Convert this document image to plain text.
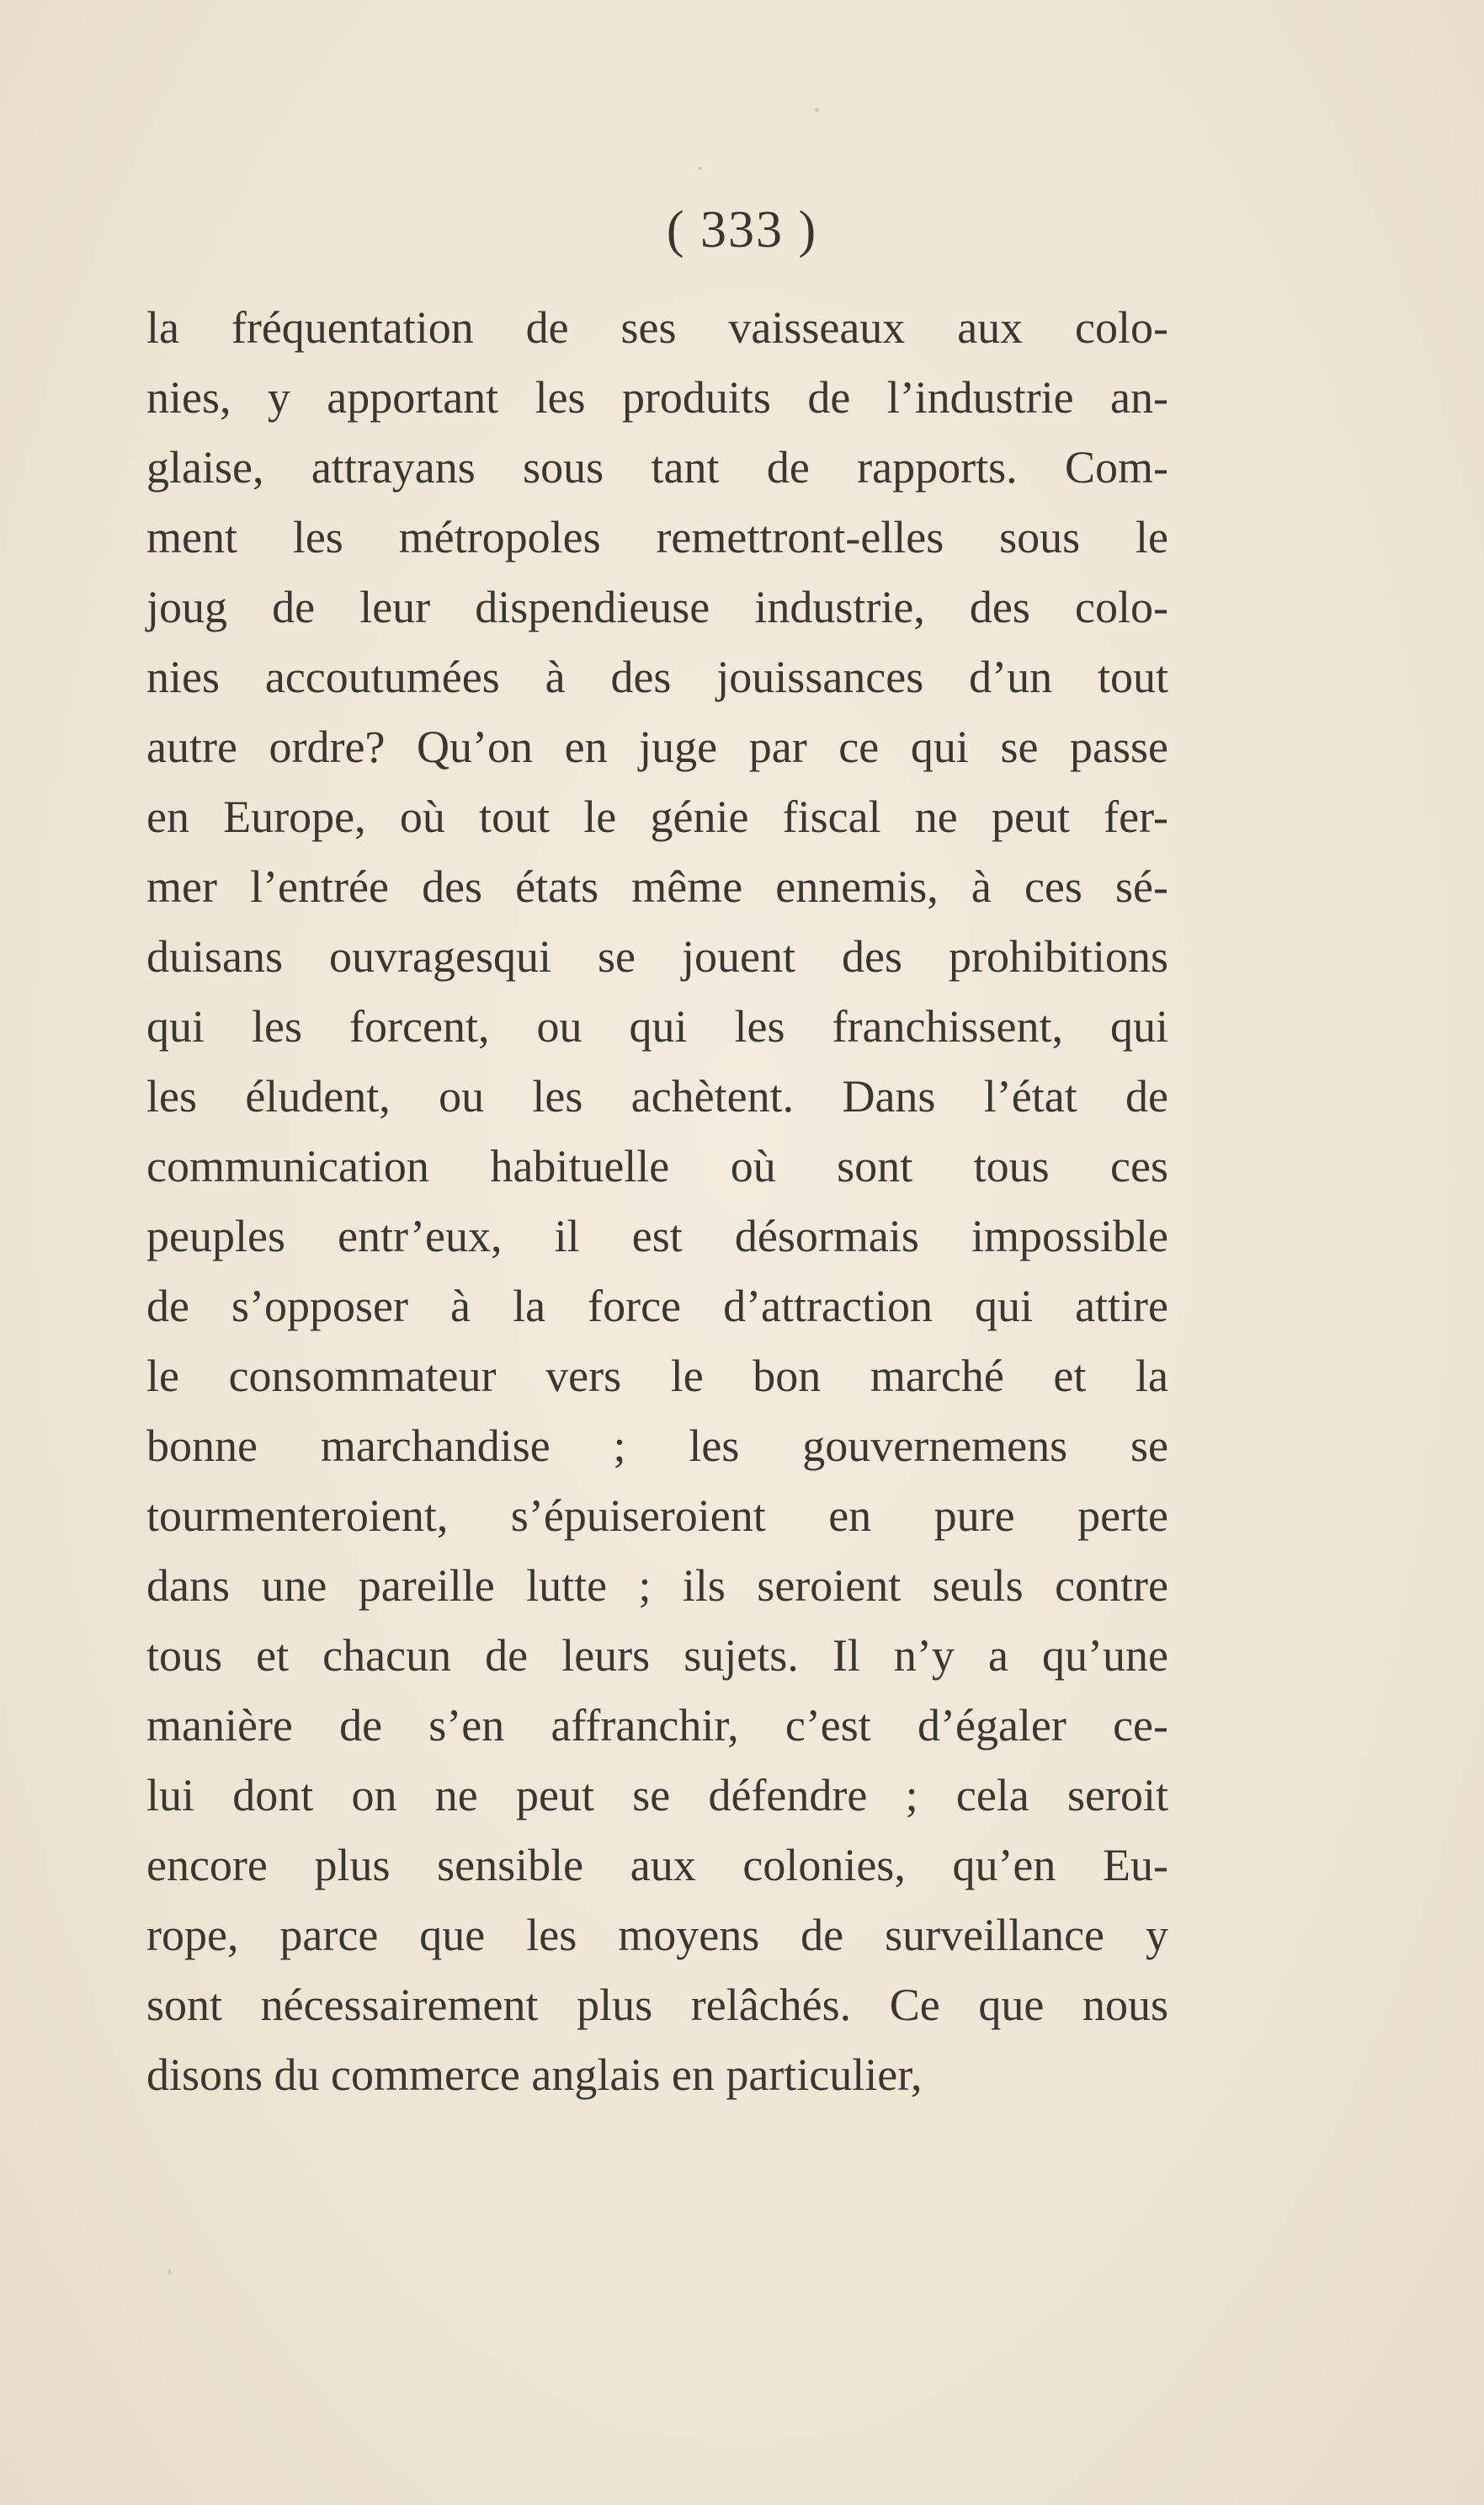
( 333 )
la fréquentation de ses vaisseaux aux colo-
nies, y apportant les produits de l’industrie an-
glaise, attrayans sous tant de rapports. Com-
ment les métropoles remettront-elles sous le
joug de leur dispendieuse industrie, des colo-
nies accoutumées à des jouissances d’un tout
autre ordre? Qu’on en juge par ce qui se passe
en Europe, où tout le génie fiscal ne peut fer-
mer l’entrée des états même ennemis, à ces sé-
duisans ouvragesqui se jouent des prohibitions
qui les forcent, ou qui les franchissent, qui
les éludent, ou les achètent. Dans l’état de
communication habituelle où sont tous ces
peuples entr’eux, il est désormais impossible
de s’opposer à la force d’attraction qui attire
le consommateur vers le bon marché et la
bonne marchandise ; les gouvernemens se
tourmenteroient, s’épuiseroient en pure perte
dans une pareille lutte ; ils seroient seuls contre
tous et chacun de leurs sujets. Il n’y a qu’une
manière de s’en affranchir, c’est d’égaler ce-
lui dont on ne peut se défendre ; cela seroit
encore plus sensible aux colonies, qu’en Eu-
rope, parce que les moyens de surveillance y
sont nécessairement plus relâchés. Ce que nous
disons du commerce anglais en particulier,
